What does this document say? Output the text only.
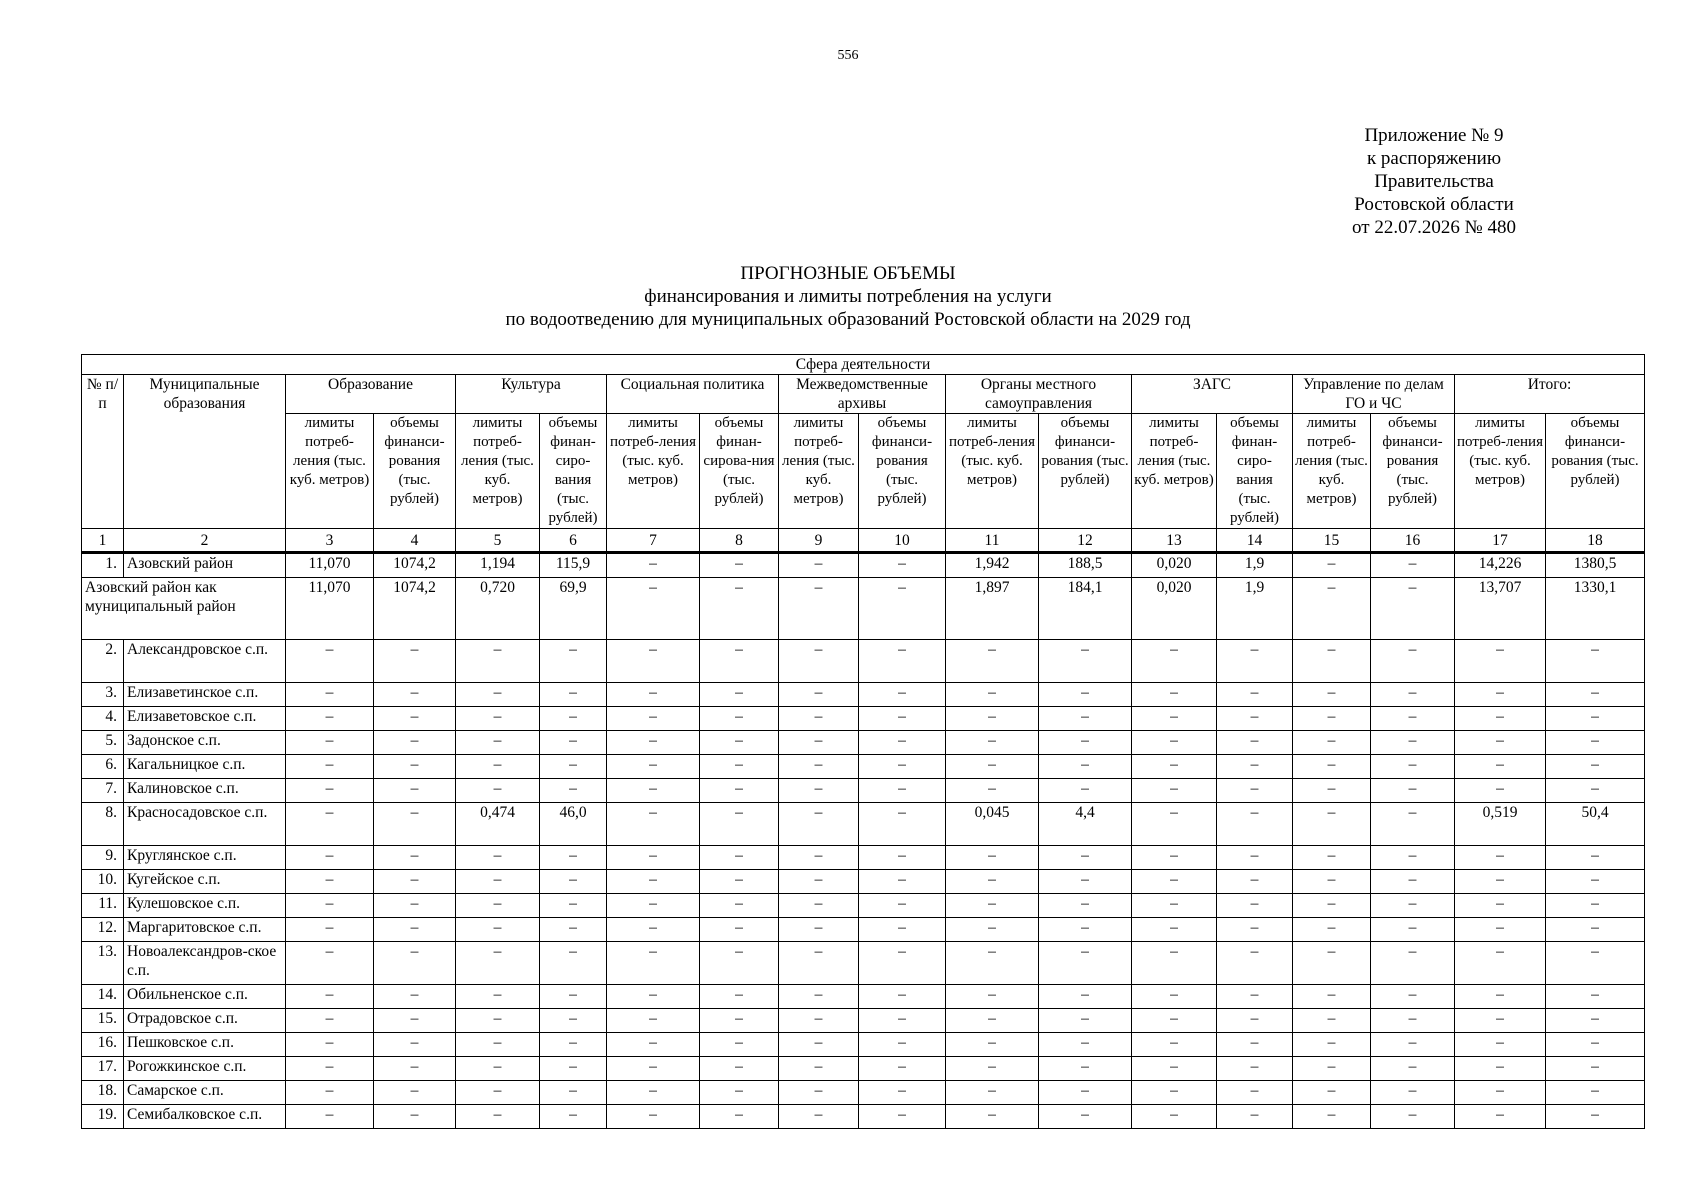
556
Приложение № 9
к распоряжению
Правительства
Ростовской области
от 22.07.2026 № 480
ПРОГНОЗНЫЕ ОБЪЕМЫ
финансирования и лимиты потребления на услуги
по водоотведению для муниципальных образований Ростовской области на 2029 год
Сфера деятельности																	
№ п/п	Муниципальные образования	Образование		Культура		Социальная политика		Межведомственные архивы		Органы местного самоуправления		ЗАГС		Управление по делам ГО и ЧС		Итого:	
		лимиты потреб-ления (тыс. куб. метров)	объемы финанси-рования (тыс. рублей)	лимиты потреб-ления (тыс. куб. метров)	объемы финан-сиро-вания (тыс. рублей)	лимиты потреб-ления (тыс. куб. метров)	объемы финан-сирова-ния (тыс. рублей)	лимиты потреб-ления (тыс. куб. метров)	объемы финанси-рования (тыс. рублей)	лимиты потреб-ления (тыс. куб. метров)	объемы финанси-рования (тыс. рублей)	лимиты потреб-ления (тыс. куб. метров)	объемы финан-сиро-вания (тыс. рублей)	лимиты потреб-ления (тыс. куб. метров)	объемы финанси-рования (тыс. рублей)	лимиты потреб-ления (тыс. куб. метров)	объемы финанси-рования (тыс. рублей)
1	2	3	4	5	6	7	8	9	10	11	12	13	14	15	16	17	18
1.	Азовский район	11,070	1074,2	1,194	115,9	–	–	–	–	1,942	188,5	0,020	1,9	–	–	14,226	1380,5
Азовский район как муниципальный район		11,070	1074,2	0,720	69,9	–	–	–	–	1,897	184,1	0,020	1,9	–	–	13,707	1330,1
2.	Александровское с.п.	–	–	–	–	–	–	–	–	–	–	–	–	–	–	–	–
3.	Елизаветинское с.п.	–	–	–	–	–	–	–	–	–	–	–	–	–	–	–	–
4.	Елизаветовское с.п.	–	–	–	–	–	–	–	–	–	–	–	–	–	–	–	–
5.	Задонское с.п.	–	–	–	–	–	–	–	–	–	–	–	–	–	–	–	–
6.	Кагальницкое с.п.	–	–	–	–	–	–	–	–	–	–	–	–	–	–	–	–
7.	Калиновское с.п.	–	–	–	–	–	–	–	–	–	–	–	–	–	–	–	–
8.	Красносадовское с.п.	–	–	0,474	46,0	–	–	–	–	0,045	4,4	–	–	–	–	0,519	50,4
9.	Круглянское с.п.	–	–	–	–	–	–	–	–	–	–	–	–	–	–	–	–
10.	Кугейское с.п.	–	–	–	–	–	–	–	–	–	–	–	–	–	–	–	–
11.	Кулешовское с.п.	–	–	–	–	–	–	–	–	–	–	–	–	–	–	–	–
12.	Маргаритовское с.п.	–	–	–	–	–	–	–	–	–	–	–	–	–	–	–	–
13.	Новоалександров-ское с.п.	–	–	–	–	–	–	–	–	–	–	–	–	–	–	–	–
14.	Обильненское с.п.	–	–	–	–	–	–	–	–	–	–	–	–	–	–	–	–
15.	Отрадовское с.п.	–	–	–	–	–	–	–	–	–	–	–	–	–	–	–	–
16.	Пешковское с.п.	–	–	–	–	–	–	–	–	–	–	–	–	–	–	–	–
17.	Рогожкинское с.п.	–	–	–	–	–	–	–	–	–	–	–	–	–	–	–	–
18.	Самарское с.п.	–	–	–	–	–	–	–	–	–	–	–	–	–	–	–	–
19.	Семибалковское с.п.	–	–	–	–	–	–	–	–	–	–	–	–	–	–	–	–
